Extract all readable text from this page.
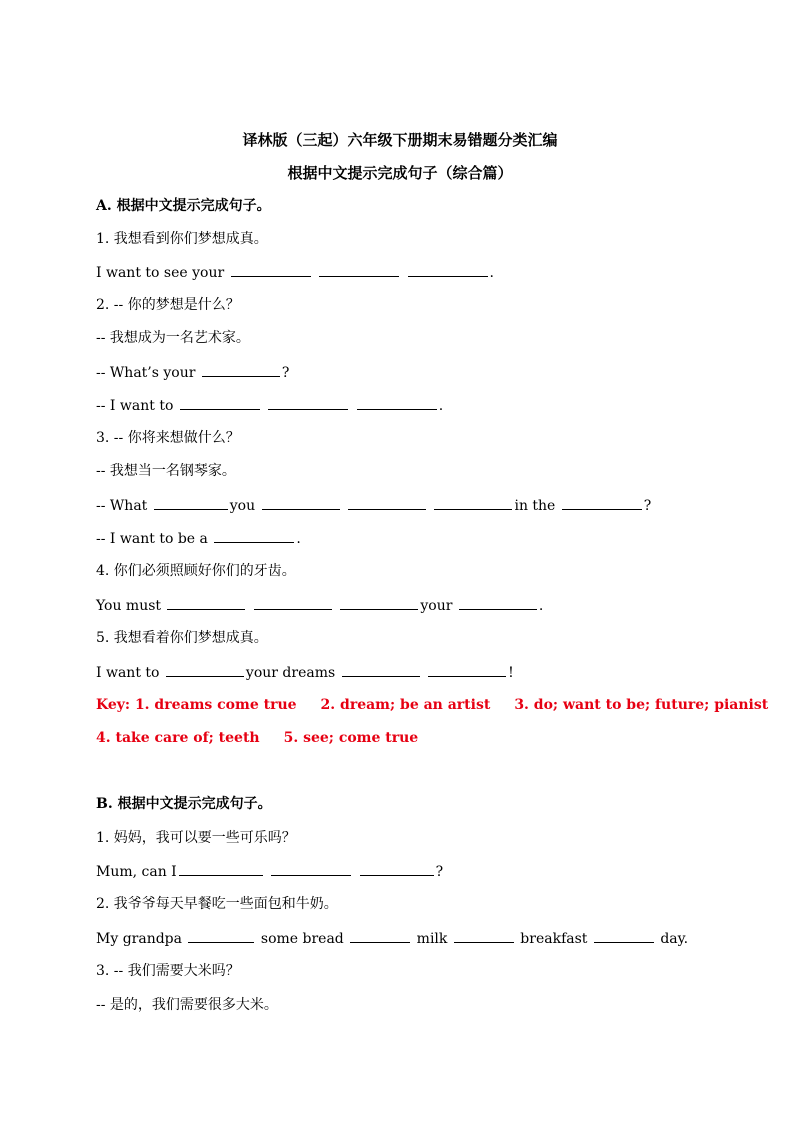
译林版（三起）六年级下册期末易错题分类汇编
根据中文提示完成句子（综合篇）
A. 根据中文提示完成句子。
1. 我想看到你们梦想成真。
I want to see your	.
2. -- 你的梦想是什么？
-- 我想成为一名艺术家。
-- What’s your	?
-- I want to	.
3. -- 你将来想做什么？
-- 我想当一名钢琴家。
-- What	you	in the	?
-- I want to be a	.
4. 你们必须照顾好你们的牙齿。
You must	your	.
5. 我想看着你们梦想成真。
I want to	your dreams	!
Key: 1. dreams come true 2. dream; be an artist 3. do; want to be; future; pianist
4. take care of; teeth 5. see; come true
B. 根据中文提示完成句子。
1. 妈妈，我可以要一些可乐吗？
Mum, can I	?
2. 我爷爷每天早餐吃一些面包和牛奶。
My grandpa	some bread	milk	breakfast	day.
3. -- 我们需要大米吗？
-- 是的，我们需要很多大米。
